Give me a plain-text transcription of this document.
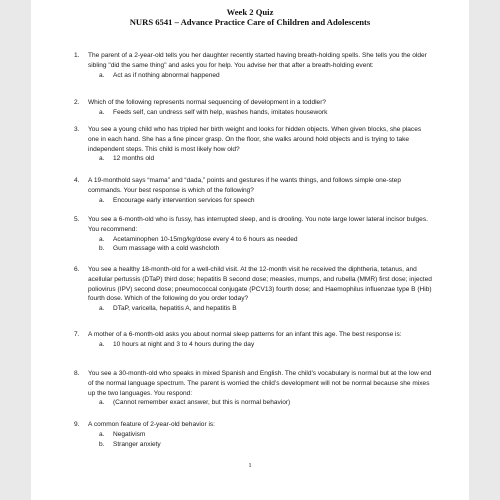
Week 2 Quiz
NURS 6541 – Advance Practice Care of Children and Adolescents
1. The parent of a 2-year-old tells you her daughter recently started having breath-holding spells. She tells you the older sibling "did the same thing" and asks you for help. You advise her that after a breath-holding event:

a. Act as if nothing abnormal happened

2. Which of the following represents normal sequencing of development in a toddler?

a. Feeds self, can undress self with help, washes hands, imitates housework

3. You see a young child who has tripled her birth weight and looks for hidden objects. When given blocks, she places one in each hand. She has a fine pincer grasp. On the floor, she walks around hold objects and is trying to take independent steps. This child is most likely how old?

a. 12 months old

4. A 19-monthold says “mama” and “dada,” points and gestures if he wants things, and follows simple one-step commands. Your best response is which of the following?

a. Encourage early intervention services for speech

5. You see a 6-month-old who is fussy, has interrupted sleep, and is drooling. You note large lower lateral incisor bulges. You recommend:

a. Acetaminophen 10-15mg/kg/dose every 4 to 6 hours as needed

b. Gum massage with a cold washcloth

6. You see a healthy 18-month-old for a well-child visit. At the 12-month visit he received the diphtheria, tetanus, and acellular pertussis (DTaP) third dose; hepatitis B second dose; measles, mumps, and rubella (MMR) first dose; injected poliovirus (IPV) second dose; pneumococcal conjugate (PCV13) fourth dose; and Haemophilus influenzae type B (Hib) fourth dose. Which of the following do you order today?

a. DTaP, varicella, hepatitis A, and hepatitis B

7. A mother of a 6-month-old asks you about normal sleep patterns for an infant this age. The best response is:

a. 10 hours at night and 3 to 4 hours during the day

8. You see a 30-month-old who speaks in mixed Spanish and English. The child’s vocabulary is normal but at the low end of the normal language spectrum. The parent is worried the child’s development will not be normal because she mixes up the two languages. You respond:

a. (Cannot remember exact answer, but this is normal behavior)

9. A common feature of 2-year-old behavior is:

a. Negativism

b. Stranger anxiety

1
